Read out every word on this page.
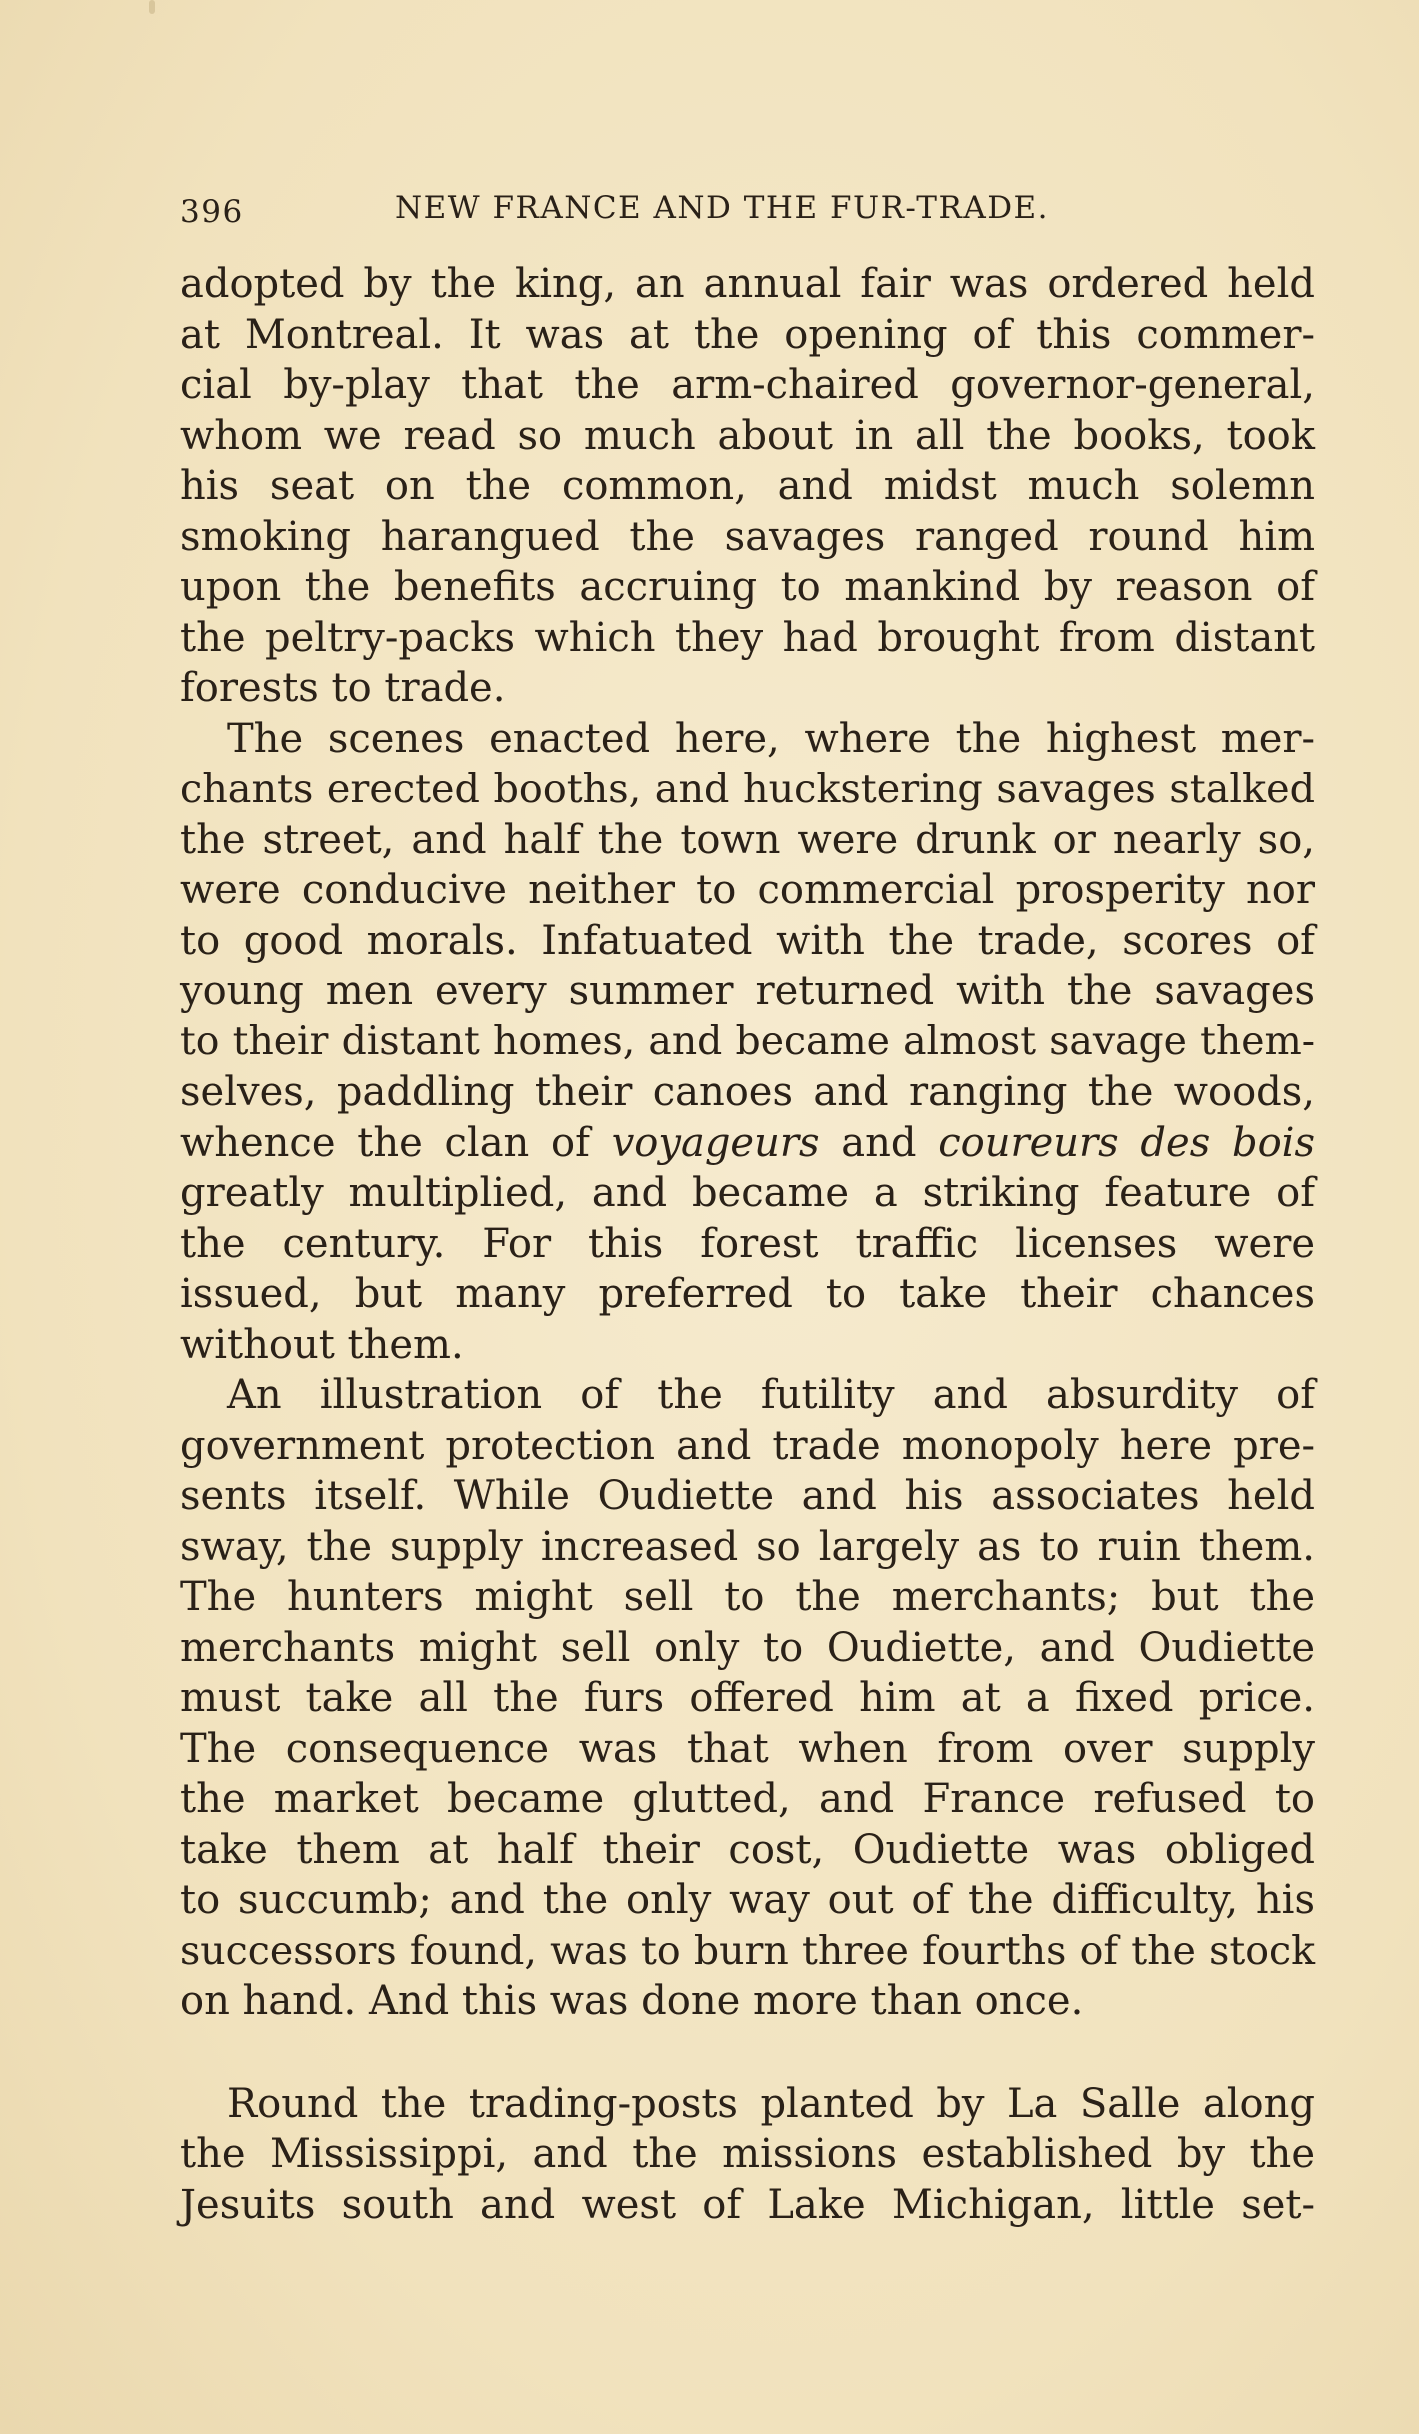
396	NEW FRANCE AND THE FUR-TRADE.
adopted by the king, an annual fair was ordered held
at Montreal. It was at the opening of this commer-
cial by-play that the arm-chaired governor-general,
whom we read so much about in all the books, took
his seat on the common, and midst much solemn
smoking harangued the savages ranged round him
upon the benefits accruing to mankind by reason of
the peltry-packs which they had brought from distant
forests to trade.
The scenes enacted here, where the highest mer-
chants erected booths, and huckstering savages stalked
the street, and half the town were drunk or nearly so,
were conducive neither to commercial prosperity nor
to good morals. Infatuated with the trade, scores of
young men every summer returned with the savages
to their distant homes, and became almost savage them-
selves, paddling their canoes and ranging the woods,
whence the clan of voyageurs and coureurs des bois
greatly multiplied, and became a striking feature of
the century. For this forest traffic licenses were
issued, but many preferred to take their chances
without them.
An illustration of the futility and absurdity of
government protection and trade monopoly here pre-
sents itself. While Oudiette and his associates held
sway, the supply increased so largely as to ruin them.
The hunters might sell to the merchants; but the
merchants might sell only to Oudiette, and Oudiette
must take all the furs offered him at a fixed price.
The consequence was that when from over supply
the market became glutted, and France refused to
take them at half their cost, Oudiette was obliged
to succumb; and the only way out of the difficulty, his
successors found, was to burn three fourths of the stock
on hand. And this was done more than once.
Round the trading-posts planted by La Salle along
the Mississippi, and the missions established by the
Jesuits south and west of Lake Michigan, little set-
